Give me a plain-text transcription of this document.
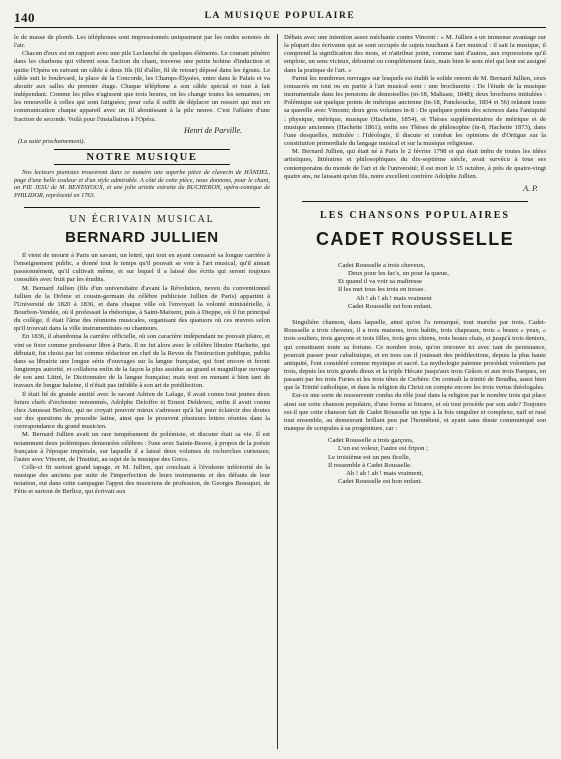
140	LA MUSIQUE POPULAIRE

le de masse de plomb. Les téléphones sont impressionnés uniquement par les ondes sonores de l'air.

Chacun d'eux est en rapport avec une pile Leclanché de quelques éléments. Le courant pénètre dans les charbons qui vibrent sous l'action du chant, traverse une petite bobine d'induction et quitte l'Opéra en suivant un câble à deux fils (fil d'aller, fil de retour) déposé dans les égouts. Le câble suit le boulevard, la place de la Concorde, les Champs-Élysées, entre dans le Palais et va aboutir aux salles du premier étage. Chaque téléphone a son câble spécial et tout à fait indépendant. Comme les piles n'agissent que trois heures, on les change toutes les semaines; on les renouvelle à celles qui sont fatiguées; pour cela il suffit de déplacer un ressort qui met en communication chaque appareil avec un fil aboutissant à la pile neuve. C'est l'affaire d'une fraction de seconde. Voilà pour l'installation à l'Opéra.

Henri de Parville.
(La suite prochainement).
NOTRE MUSIQUE

Nos lecteurs pianistes trouveront dans ce numéro une superbe pièce de clavecin de HÄNDEL, page d'une belle couleur et d'un style admirable. A côté de cette pièce, nous donnons, pour le chant, un PIE JESU de M. BENTAYOUX, et une jolie ariette extraite du BUCHERON, opéra-comique de PHILIDOR, représenté en 1763.

UN ÉCRIVAIN MUSICAL
BERNARD JULLIEN

Il vient de mourir à Paris un savant, un lettré, qui tout en ayant consacré sa longue carrière à l'enseignement public, a donné tout le temps qu'il pouvait se voir à l'art musical, qu'il aimait passionnément, qu'il cultivait même, et sur lequel il a laissé des écrits qui seront toujours consultés avec fruit par les érudits.

M. Bernard Jullien (fils d'un universitaire d'avant la Révolution, neveu du conventionnel Jullien de la Drôme et cousin-germain du célèbre publiciste Jullien de Paris) appartint à l'Université de 1820 à 1836, et dans chaque ville où l'envoyait la volonté ministérielle, à Bourbon-Vendée, où il professait la rhétorique, à Saint-Maixent, puis à Dieppe, où il fut principal du collège, il était l'âme des réunions musicales, organisant des quatuors où ces œuvres selon qu'il trouvait dans la ville instrumentistes ou chanteurs.

En 1836, il abandonna la carrière officielle, où son caractère indépendant ne pouvait plaire, et vint se fixer comme professeur libre à Paris. Il ne fut alors avec le célèbre libraire Hachette, qui débutait, fut choisi par lui comme rédacteur en chef de la Revue de l'instruction publique, publia dans sa librairie une longue série d'ouvrages sur la langue française, qui font encore et feront longtemps autorité, et collabora enfin de la façon la plus assidue au grand et magnifique ouvrage de son ami Littré, le Dictionnaire de la langue française; mais tout en menant à bien tant de travaux de longue haleine, il n'était pas infidèle à son art de prédilection.

Il était lié de grande amitié avec le savant Adrien de Lafage, il avait connu tout jeunes deux futurs chefs d'orchestre renommés, Adolphe Deloffre et Ernest Deldevez, enfin il avait connu chez Amussat Berlioz, qui ne croyait pouvoir mieux s'adresser qu'à lui pour éclaircir des doutes sur des questions de prosodie latine, ainsi que le prouvent plusieurs lettres réunies dans la correspondance du grand musicien.

M. Bernard Jullien avait un rare tempérament de polémiste, et discuter était sa vie. Il est notamment deux polémiques demeurées célèbres : l'une avec Sainte-Beuve, à propos de la poésie française à l'époque impériale, sur laquelle il a laissé deux volumes de recherches curieuses; l'autre avec Vincent, de l'Institut, au sujet de la musique des Grecs.

Celle-ci fit surtout grand tapage, et M. Jullien, qui concluait à l'évidente infériorité de la musique des anciens par suite de l'imperfection de leurs instruments et des défauts de leur notation, eut dans cette campagne l'appui des musiciens de profession, de Georges Bousquet, de Fétis et surtout de Berlioz, qui écrivait aux

Débats avec une intention assez méchante contre Vincent : « M. Jullien a un immense avantage sur la plupart des écrivains qui se sont occupés de sujets touchant à l'art musical : il sait la musique, il comprend la signification des mots, et n'attribue point, comme tant d'autres, aux expressions qu'il emploie, un sens vicieux, détourné ou complètement faux, mais bien le sens réel qui leur est assigné dans la pratique de l'art. »

Parmi les nombreux ouvrages sur lesquels est établi le solide renom de M. Bernard Jullien, ceux consacrés en tout ou en partie à l'art musical sont : une brochurette : De l'étude de la musique instrumentale dans les pensions de demoiselles (in-18, Maltaste, 1848); deux brochures intitulées : Polémique sur quelque points de métrique ancienne (in-18, Panckoucke, 1854 et 56) relatant toute sa querelle avec Vincent; deux gros volumes in-8 : De quelques points des sciences dans l'antiquité : physique, métrique, musique (Hachette, 1854), et Thèses supplémentaires de métrique et de musique anciennes (Hachette 1861); enfin ses Thèses de philosophie (in-8, Hachette 1873), dans l'une desquelles, intitulée : l'Idéologie, il discute et combat les opinions de d'Ortigue sur la constitution primordiale du langage musical et sur la musique religieuse.

M. Bernard Jullien, qui était né à Paris le 2 février 1798 et qui était imbu de toutes les idées artistiques, littéraires et philosophiques du dix-septième siècle, avait survécu à tous ses contemporains du monde de l'art et de l'université; il est mort le 15 octobre, à près de quatre-vingt quatre ans, ne laissant qu'un fils, notre excellent confrère Adolphe Jullien.

A. P.
LES CHANSONS POPULAIRES
CADET ROUSSELLE
Cadet Rousselle a trois cheveux,
Deux pour les fac's, un pour la queue,
Et quand il va voir sa maîtresse
Il les met tous les trois en tresse.
Ah ! ah ! ah ! mais vraiment
Cadet Rousselle est bon enfant.

Singulière chanson, dans laquelle, ainsi qu'on l'a remarqué, tout marche par trois. Cadet-Rousselle a trois cheveux, il a trois maisons, trois habits, trois chapeaux, trois « beaux » yeux, « trois souliers, trois garçons et trois filles, trois gros chiens, trois beaux chats, et jusqu'à trois deniers, qui constituent toute sa fortune. Ce nombre trois, qu'on retrouve ici avec tant de persistance, pourrait passer pour cabalistique, et en tous cas il jouissait des prédilections, depuis la plus haute antiquité, l'ont considéré comme mystique et sacré. La mythologie païenne procédait volontiers par trois, depuis les trois grands dieux et la triple Hécate jusqu'aux trois Grâces et aux trois Parques, en passant par les trois Furies et les trois têtes de Cerbère. On connaît la trinité de Boudha, aussi bien que la Trinité catholique, et dans la religion du Christ on compte encore les trois vertus théologales.

Est-ce une sorte de ressouvenir confus du rôle joué dans la religion par le nombre trois qui place ainsi sur cette chanson populaire, d'une forme si bizarre, et où tout procède par son aide? Toujours est-il que cette chanson fait de Cadet Rousselle un type à la fois singulier et complexe, naïf et rusé tout ensemble, au demeurant brillant peu par l'honnêteté, et ayant sans doute communiqué son manque de scrupules à sa progéniture, car :

Cadet Rousselle a trois garçons,
L'un est voleur, l'autre est fripon ;
Le troisième est un peu ficelle,
Il ressemble à Cadet Rousselle.
Ah ! ah ! ah ! mais vraiment,
Cadet Rousselle est bon enfant.
